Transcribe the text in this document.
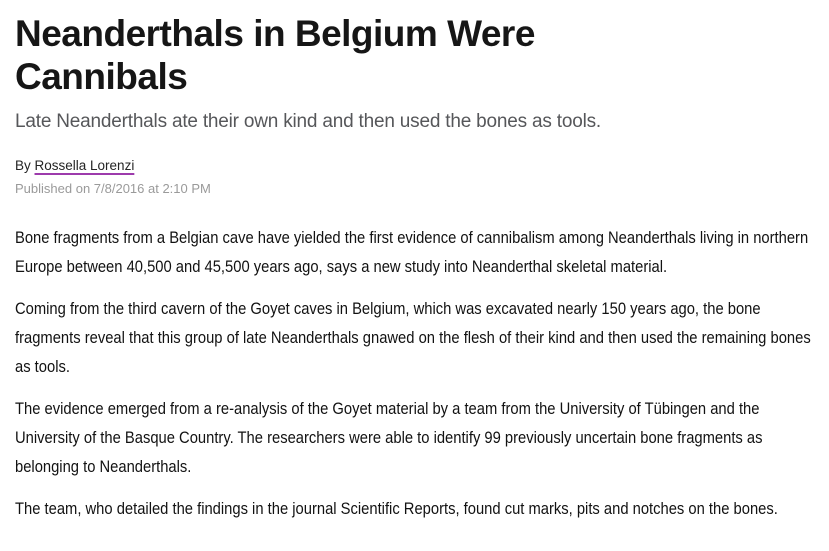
Neanderthals in Belgium Were Cannibals

Late Neanderthals ate their own kind and then used the bones as tools.

By Rossella Lorenzi

Published on 7/8/2016 at 2:10 PM

Bone fragments from a Belgian cave have yielded the first evidence of cannibalism among Neanderthals living in northern Europe between 40,500 and 45,500 years ago, says a new study into Neanderthal skeletal material.

Coming from the third cavern of the Goyet caves in Belgium, which was excavated nearly 150 years ago, the bone fragments reveal that this group of late Neanderthals gnawed on the flesh of their kind and then used the remaining bones as tools.

The evidence emerged from a re-analysis of the Goyet material by a team from the University of Tübingen and the University of the Basque Country. The researchers were able to identify 99 previously uncertain bone fragments as belonging to Neanderthals.

The team, who detailed the findings in the journal Scientific Reports, found cut marks, pits and notches on the bones.
